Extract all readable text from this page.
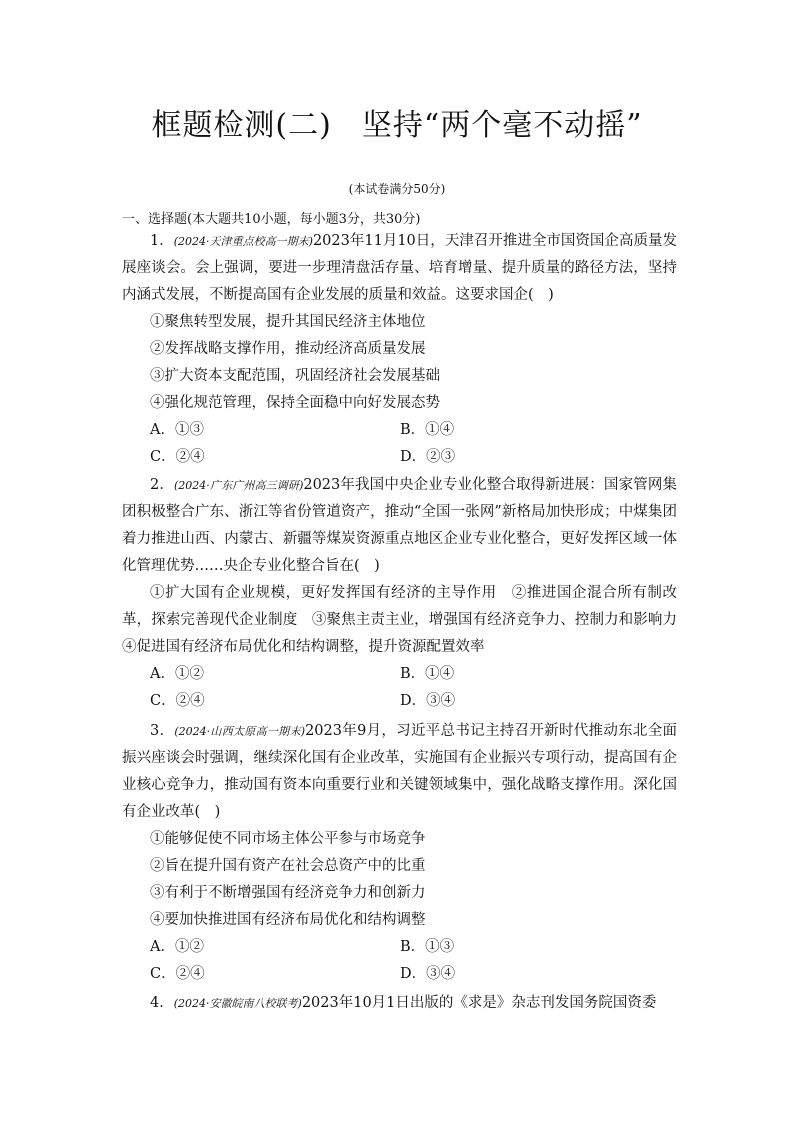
框题检测(二) 坚持“两个毫不动摇”
(本试卷满分50分)
一、选择题(本大题共10小题，每小题3分，共30分)

1．(2024·天津重点校高一期末)2023年11月10日，天津召开推进全市国资国企高质量发展座谈会。会上强调，要进一步理清盘活存量、培育增量、提升质量的路径方法，坚持内涵式发展，不断提高国有企业发展的质量和效益。这要求国企(　)

①聚焦转型发展，提升其国民经济主体地位

②发挥战略支撑作用，推动经济高质量发展

③扩大资本支配范围，巩固经济社会发展基础

④强化规范管理，保持全面稳中向好发展态势

A．①③	B．①④
C．②④	D．②③

2．(2024·广东广州高三调研)2023年我国中央企业专业化整合取得新进展：国家管网集团积极整合广东、浙江等省份管道资产，推动“全国一张网”新格局加快形成；中煤集团着力推进山西、内蒙古、新疆等煤炭资源重点地区企业专业化整合，更好发挥区域一体化管理优势……央企专业化整合旨在(　)

①扩大国有企业规模，更好发挥国有经济的主导作用　②推进国企混合所有制改革，探索完善现代企业制度　③聚焦主责主业，增强国有经济竞争力、控制力和影响力　④促进国有经济布局优化和结构调整，提升资源配置效率

A．①②	B．①④
C．②④	D．③④

3．(2024·山西太原高一期末)2023年9月，习近平总书记主持召开新时代推动东北全面振兴座谈会时强调，继续深化国有企业改革，实施国有企业振兴专项行动，提高国有企业核心竞争力，推动国有资本向重要行业和关键领域集中，强化战略支撑作用。深化国有企业改革(　)

①能够促使不同市场主体公平参与市场竞争

②旨在提升国有资产在社会总资产中的比重

③有利于不断增强国有经济竞争力和创新力

④要加快推进国有经济布局优化和结构调整

A．①②	B．①③
C．②④	D．③④

4．(2024·安徽皖南八校联考)2023年10月1日出版的《求是》杂志刊发国务院国资委
